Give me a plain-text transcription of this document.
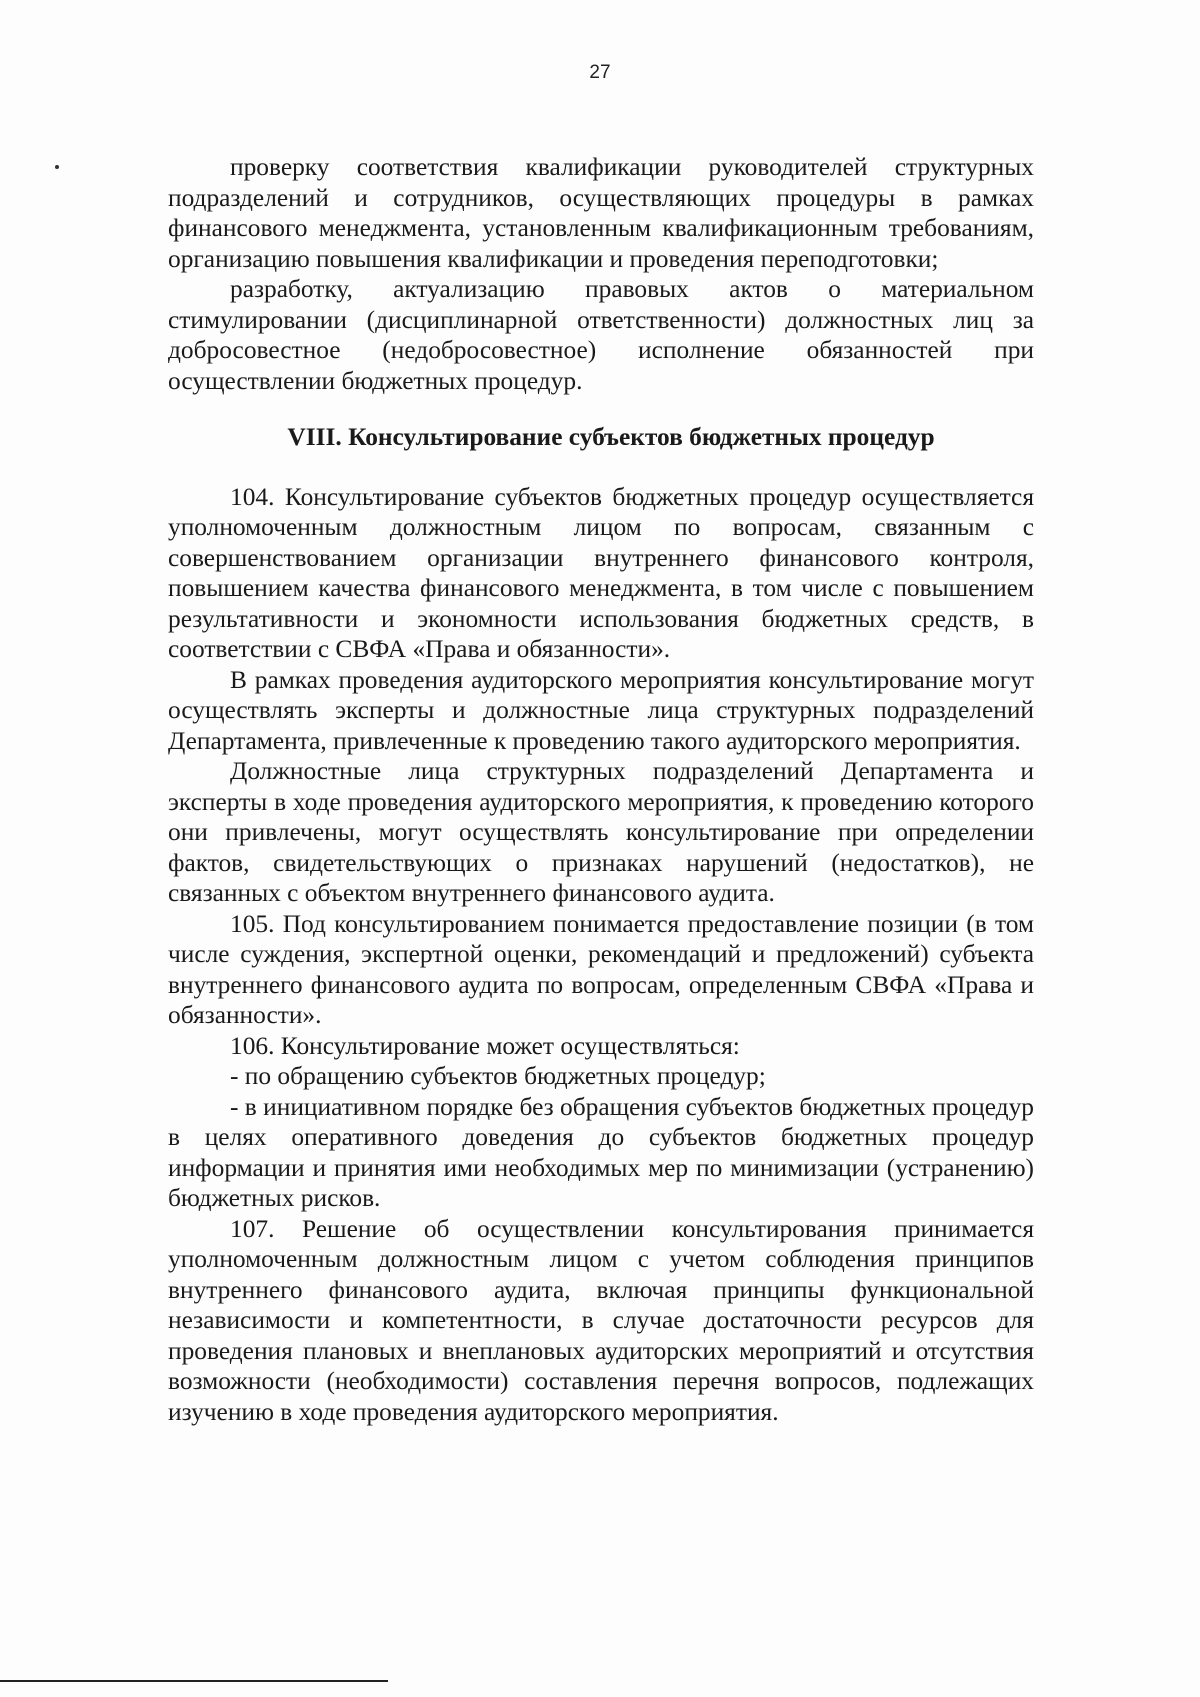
27

проверку соответствия квалификации руководителей структурных подразделений и сотрудников, осуществляющих процедуры в рамках финансового менеджмента, установленным квалификационным требованиям, организацию повышения квалификации и проведения переподготовки;

разработку, актуализацию правовых актов о материальном стимулировании (дисциплинарной ответственности) должностных лиц за добросовестное (недобросовестное) исполнение обязанностей при осуществлении бюджетных процедур.

VIII. Консультирование субъектов бюджетных процедур

104. Консультирование субъектов бюджетных процедур осуществляется уполномоченным должностным лицом по вопросам, связанным с совершенствованием организации внутреннего финансового контроля, повышением качества финансового менеджмента, в том числе с повышением результативности и экономности использования бюджетных средств, в соответствии с СВФА «Права и обязанности».

В рамках проведения аудиторского мероприятия консультирование могут осуществлять эксперты и должностные лица структурных подразделений Департамента, привлеченные к проведению такого аудиторского мероприятия.

Должностные лица структурных подразделений Департамента и эксперты в ходе проведения аудиторского мероприятия, к проведению которого они привлечены, могут осуществлять консультирование при определении фактов, свидетельствующих о признаках нарушений (недостатков), не связанных с объектом внутреннего финансового аудита.

105. Под консультированием понимается предоставление позиции (в том числе суждения, экспертной оценки, рекомендаций и предложений) субъекта внутреннего финансового аудита по вопросам, определенным СВФА «Права и обязанности».

106. Консультирование может осуществляться:

- по обращению субъектов бюджетных процедур;

- в инициативном порядке без обращения субъектов бюджетных процедур в целях оперативного доведения до субъектов бюджетных процедур информации и принятия ими необходимых мер по минимизации (устранению) бюджетных рисков.

107. Решение об осуществлении консультирования принимается уполномоченным должностным лицом с учетом соблюдения принципов внутреннего финансового аудита, включая принципы функциональной независимости и компетентности, в случае достаточности ресурсов для проведения плановых и внеплановых аудиторских мероприятий и отсутствия возможности (необходимости) составления перечня вопросов, подлежащих изучению в ходе проведения аудиторского мероприятия.
